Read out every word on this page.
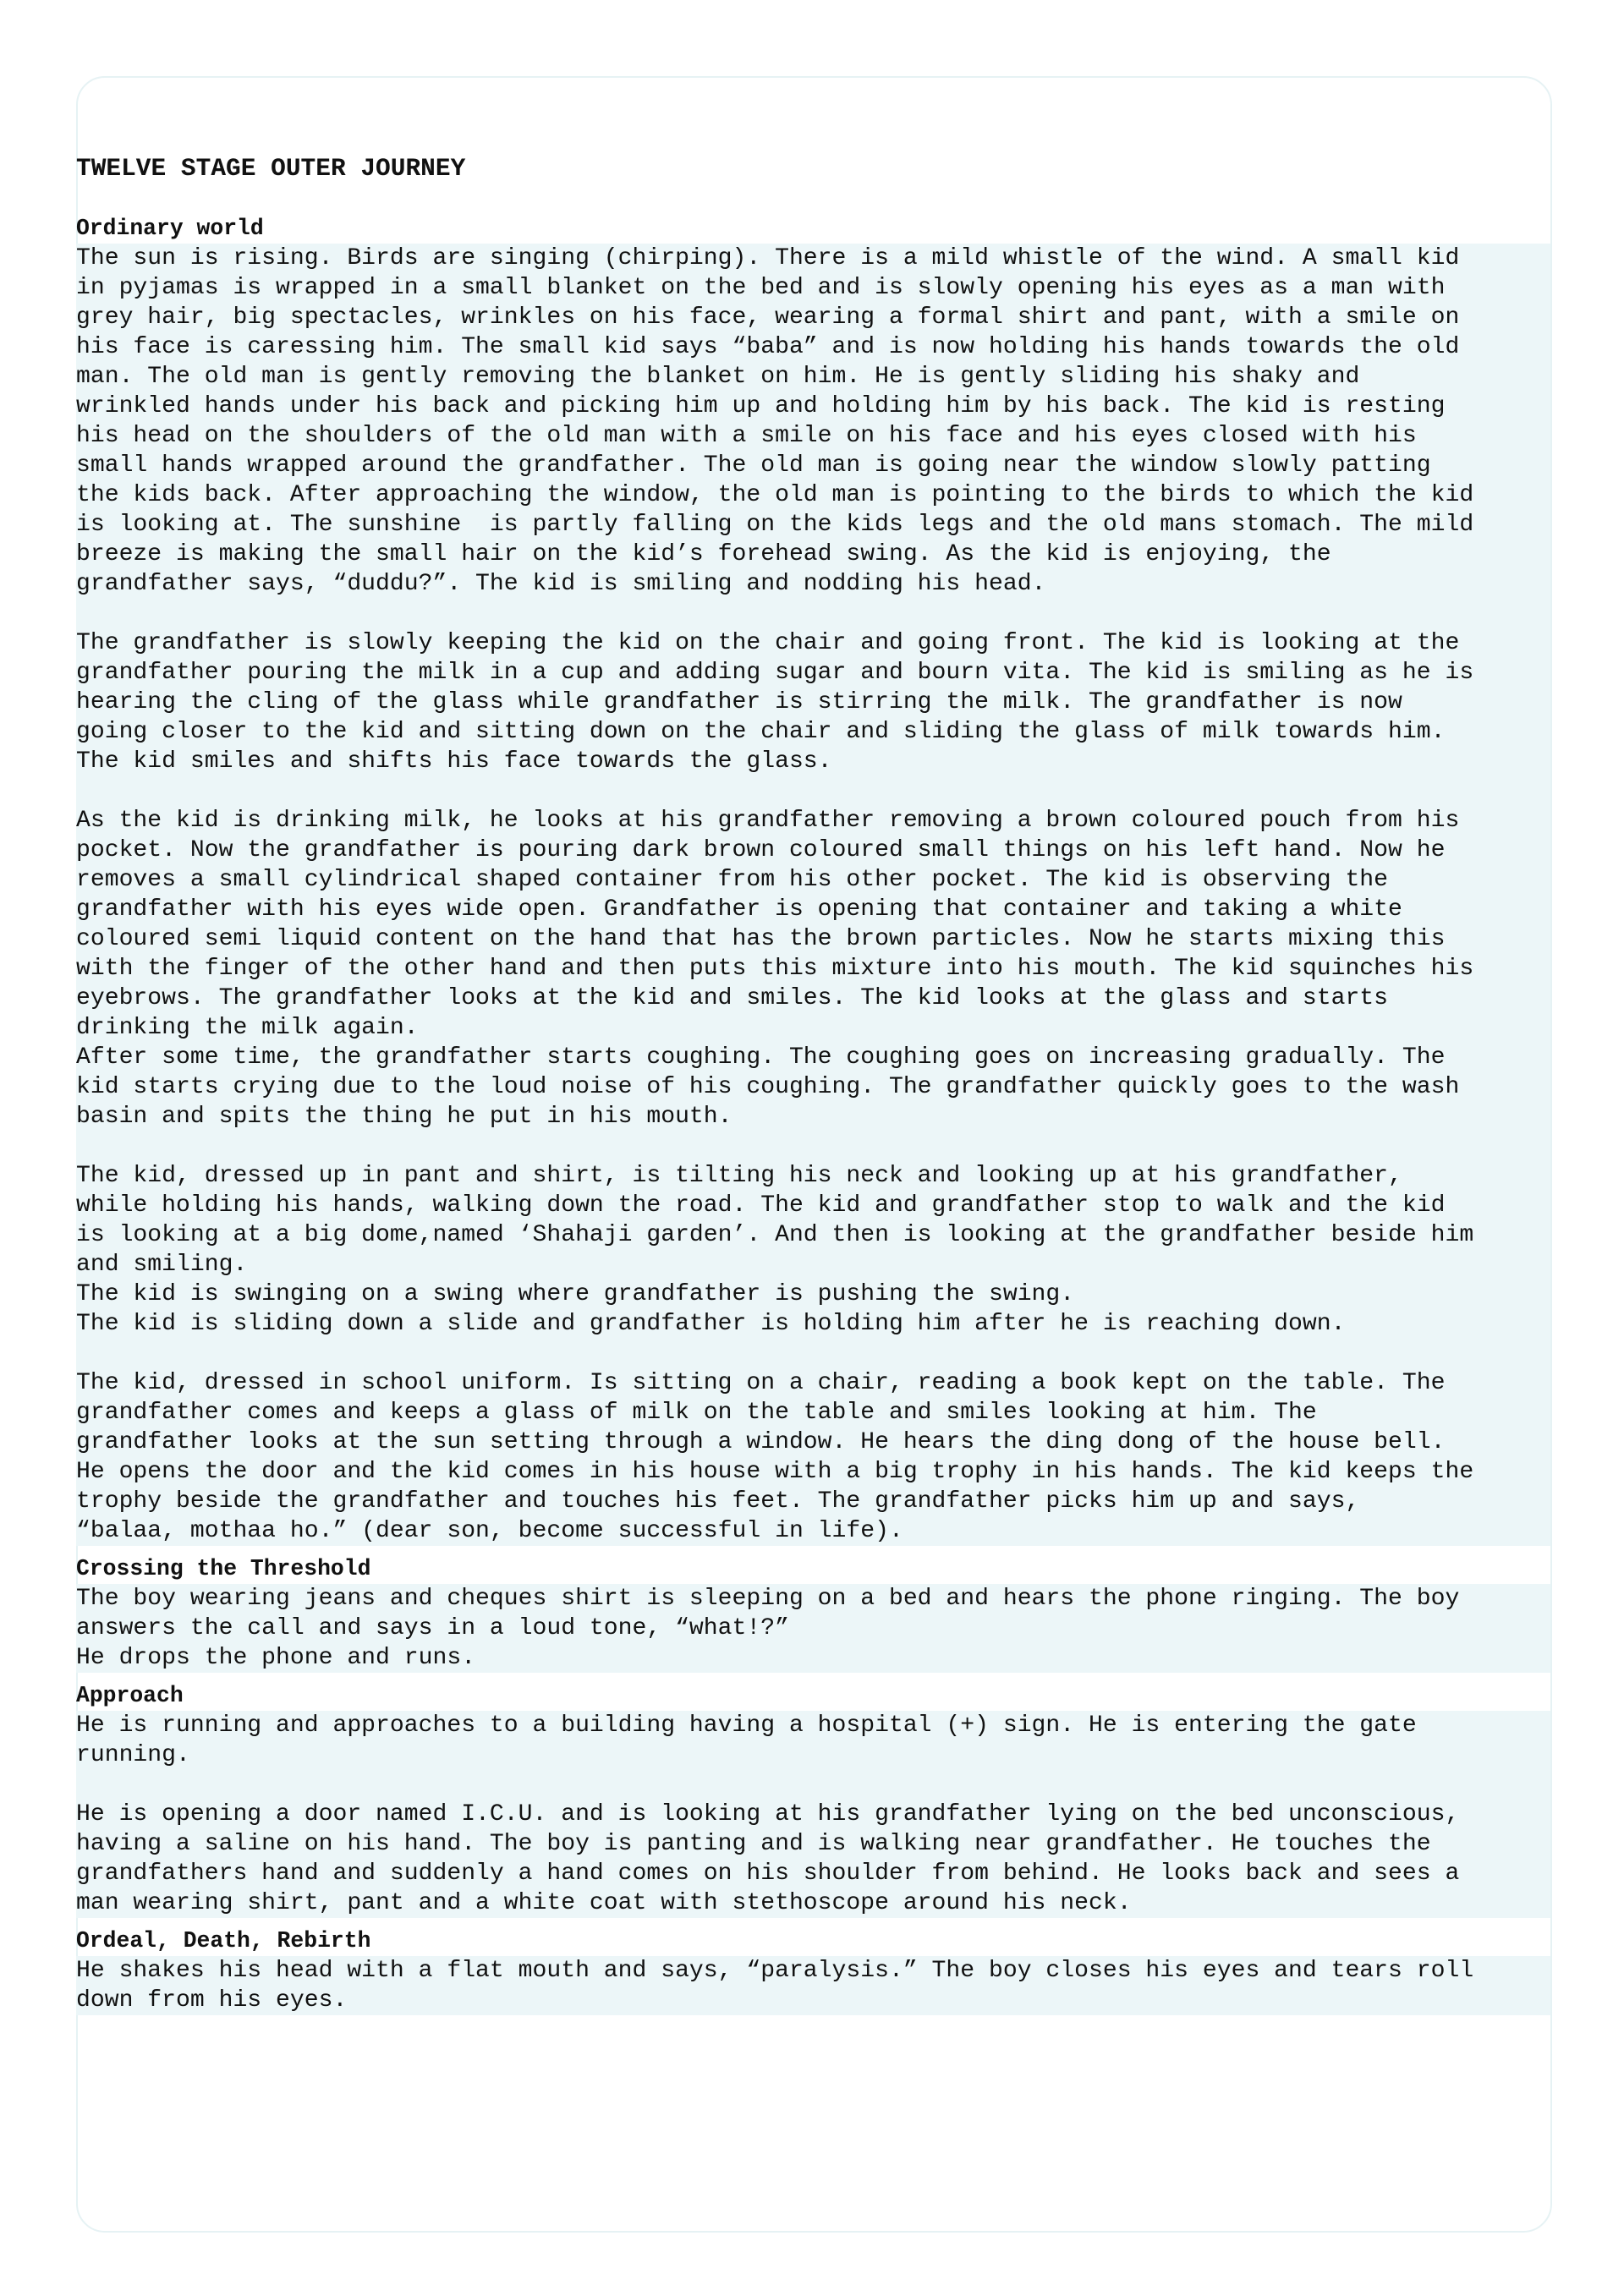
TWELVE STAGE OUTER JOURNEY
Ordinary world
The sun is rising. Birds are singing (chirping). There is a mild whistle of the wind. A small kid
in pyjamas is wrapped in a small blanket on the bed and is slowly opening his eyes as a man with
grey hair, big spectacles, wrinkles on his face, wearing a formal shirt and pant, with a smile on
his face is caressing him. The small kid says “baba” and is now holding his hands towards the old
man. The old man is gently removing the blanket on him. He is gently sliding his shaky and
wrinkled hands under his back and picking him up and holding him by his back. The kid is resting
his head on the shoulders of the old man with a smile on his face and his eyes closed with his
small hands wrapped around the grandfather. The old man is going near the window slowly patting
the kids back. After approaching the window, the old man is pointing to the birds to which the kid
is looking at. The sunshine  is partly falling on the kids legs and the old mans stomach. The mild
breeze is making the small hair on the kid’s forehead swing. As the kid is enjoying, the
grandfather says, “duddu?”. The kid is smiling and nodding his head.
The grandfather is slowly keeping the kid on the chair and going front. The kid is looking at the
grandfather pouring the milk in a cup and adding sugar and bourn vita. The kid is smiling as he is
hearing the cling of the glass while grandfather is stirring the milk. The grandfather is now
going closer to the kid and sitting down on the chair and sliding the glass of milk towards him.
The kid smiles and shifts his face towards the glass.
As the kid is drinking milk, he looks at his grandfather removing a brown coloured pouch from his
pocket. Now the grandfather is pouring dark brown coloured small things on his left hand. Now he
removes a small cylindrical shaped container from his other pocket. The kid is observing the
grandfather with his eyes wide open. Grandfather is opening that container and taking a white
coloured semi liquid content on the hand that has the brown particles. Now he starts mixing this
with the finger of the other hand and then puts this mixture into his mouth. The kid squinches his
eyebrows. The grandfather looks at the kid and smiles. The kid looks at the glass and starts
drinking the milk again.
After some time, the grandfather starts coughing. The coughing goes on increasing gradually. The
kid starts crying due to the loud noise of his coughing. The grandfather quickly goes to the wash
basin and spits the thing he put in his mouth.
The kid, dressed up in pant and shirt, is tilting his neck and looking up at his grandfather,
while holding his hands, walking down the road. The kid and grandfather stop to walk and the kid
is looking at a big dome,named ‘Shahaji garden’. And then is looking at the grandfather beside him
and smiling.
The kid is swinging on a swing where grandfather is pushing the swing.
The kid is sliding down a slide and grandfather is holding him after he is reaching down.
The kid, dressed in school uniform. Is sitting on a chair, reading a book kept on the table. The
grandfather comes and keeps a glass of milk on the table and smiles looking at him. The
grandfather looks at the sun setting through a window. He hears the ding dong of the house bell.
He opens the door and the kid comes in his house with a big trophy in his hands. The kid keeps the
trophy beside the grandfather and touches his feet. The grandfather picks him up and says,
“balaa, mothaa ho.” (dear son, become successful in life).
Crossing the Threshold
The boy wearing jeans and cheques shirt is sleeping on a bed and hears the phone ringing. The boy
answers the call and says in a loud tone, “what!?”
He drops the phone and runs.
Approach
He is running and approaches to a building having a hospital (+) sign. He is entering the gate
running.
He is opening a door named I.C.U. and is looking at his grandfather lying on the bed unconscious,
having a saline on his hand. The boy is panting and is walking near grandfather. He touches the
grandfathers hand and suddenly a hand comes on his shoulder from behind. He looks back and sees a
man wearing shirt, pant and a white coat with stethoscope around his neck.
Ordeal, Death, Rebirth
He shakes his head with a flat mouth and says, “paralysis.” The boy closes his eyes and tears roll
down from his eyes.
